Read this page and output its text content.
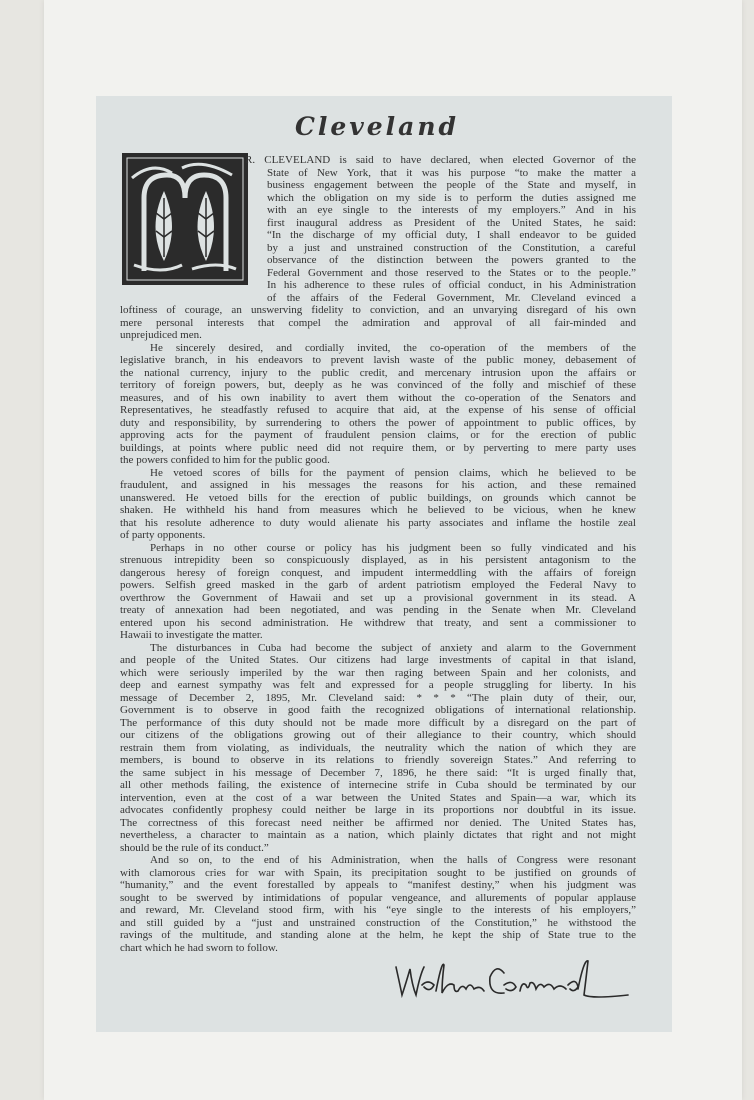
Cleveland
R. CLEVELAND is said to have declared, when elected Governor of the
State of New York, that it was his purpose “to make the matter a
business engagement between the people of the State and myself, in
which the obligation on my side is to perform the duties assigned me
with an eye single to the interests of my employers.” And in his
first inaugural address as President of the United States, he said:
“In the discharge of my official duty, I shall endeavor to be guided
by a just and unstrained construction of the Constitution, a careful
observance of the distinction between the powers granted to the
Federal Government and those reserved to the States or to the people.”
In his adherence to these rules of official conduct, in his Administration
of the affairs of the Federal Government, Mr. Cleveland evinced a
loftiness of courage, an unswerving fidelity to conviction, and an unvarying disregard of his own
mere personal interests that compel the admiration and approval of all fair-minded and
unprejudiced men.
He sincerely desired, and cordially invited, the co-operation of the members of the
legislative branch, in his endeavors to prevent lavish waste of the public money, debasement of
the national currency, injury to the public credit, and mercenary intrusion upon the affairs or
territory of foreign powers, but, deeply as he was convinced of the folly and mischief of these
measures, and of his own inability to avert them without the co-operation of the Senators and
Representatives, he steadfastly refused to acquire that aid, at the expense of his sense of official
duty and responsibility, by surrendering to others the power of appointment to public offices, by
approving acts for the payment of fraudulent pension claims, or for the erection of public
buildings, at points where public need did not require them, or by perverting to mere party uses
the powers confided to him for the public good.
He vetoed scores of bills for the payment of pension claims, which he believed to be
fraudulent, and assigned in his messages the reasons for his action, and these remained
unanswered. He vetoed bills for the erection of public buildings, on grounds which cannot be
shaken. He withheld his hand from measures which he believed to be vicious, when he knew
that his resolute adherence to duty would alienate his party associates and inflame the hostile zeal
of party opponents.
Perhaps in no other course or policy has his judgment been so fully vindicated and his
strenuous intrepidity been so conspicuously displayed, as in his persistent antagonism to the
dangerous heresy of foreign conquest, and impudent intermeddling with the affairs of foreign
powers. Selfish greed masked in the garb of ardent patriotism employed the Federal Navy to
overthrow the Government of Hawaii and set up a provisional government in its stead. A
treaty of annexation had been negotiated, and was pending in the Senate when Mr. Cleveland
entered upon his second administration. He withdrew that treaty, and sent a commissioner to
Hawaii to investigate the matter.
The disturbances in Cuba had become the subject of anxiety and alarm to the Government
and people of the United States. Our citizens had large investments of capital in that island,
which were seriously imperiled by the war then raging between Spain and her colonists, and
deep and earnest sympathy was felt and expressed for a people struggling for liberty. In his
message of December 2, 1895, Mr. Cleveland said: * * * “The plain duty of their, our,
Government is to observe in good faith the recognized obligations of international relationship.
The performance of this duty should not be made more difficult by a disregard on the part of
our citizens of the obligations growing out of their allegiance to their country, which should
restrain them from violating, as individuals, the neutrality which the nation of which they are
members, is bound to observe in its relations to friendly sovereign States.” And referring to
the same subject in his message of December 7, 1896, he there said: “It is urged finally that,
all other methods failing, the existence of internecine strife in Cuba should be terminated by our
intervention, even at the cost of a war between the United States and Spain—a war, which its
advocates confidently prophesy could neither be large in its proportions nor doubtful in its issue.
The correctness of this forecast need neither be affirmed nor denied. The United States has,
nevertheless, a character to maintain as a nation, which plainly dictates that right and not might
should be the rule of its conduct.”
And so on, to the end of his Administration, when the halls of Congress were resonant
with clamorous cries for war with Spain, its precipitation sought to be justified on grounds of
“humanity,” and the event forestalled by appeals to “manifest destiny,” when his judgment was
sought to be swerved by intimidations of popular vengeance, and allurements of popular applause
and reward, Mr. Cleveland stood firm, with his “eye single to the interests of his employers,”
and still guided by a “just and unstrained construction of the Constitution,” he withstood the
ravings of the multitude, and standing alone at the helm, he kept the ship of State true to the
chart which he had sworn to follow.
